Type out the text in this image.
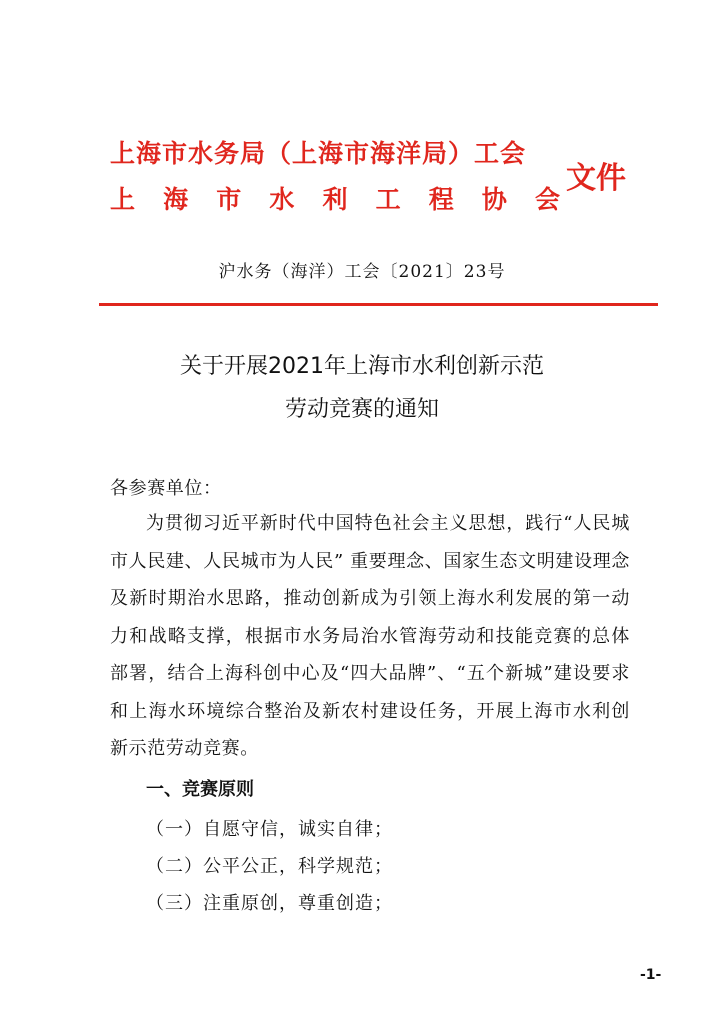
上海市水务局（上海市海洋局）工会
上海市水利工程协会
文件
沪水务（海洋）工会〔2021〕23号
关于开展2021年上海市水利创新示范
劳动竞赛的通知
各参赛单位：
为贯彻习近平新时代中国特色社会主义思想，践行“人民城市人民建、人民城市为人民” 重要理念、国家生态文明建设理念及新时期治水思路，推动创新成为引领上海水利发展的第一动力和战略支撑，根据市水务局治水管海劳动和技能竞赛的总体部署，结合上海科创中心及“四大品牌”、“五个新城”建设要求和上海水环境综合整治及新农村建设任务，开展上海市水利创新示范劳动竞赛。
一、竞赛原则
（一）自愿守信，诚实自律；
（二）公平公正，科学规范；
（三）注重原创，尊重创造；
-1-
